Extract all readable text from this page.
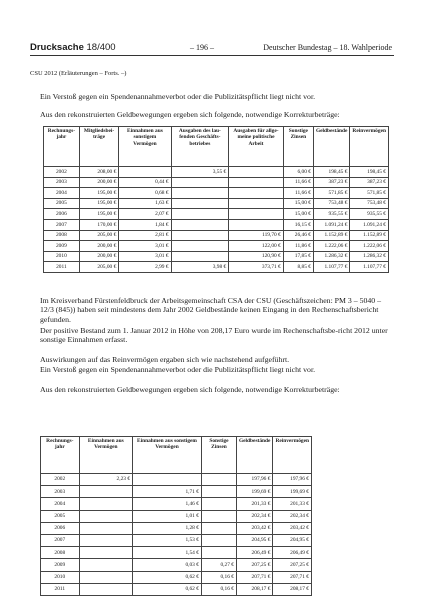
Drucksache 18/400	– 196 –	Deutscher Bundestag – 18. Wahlperiode
CSU 2012 (Erläuterungen – Forts. –)
Ein Verstoß gegen ein Spendenannahmeverbot oder die Publizitätspflicht liegt nicht vor.
Aus den rekonstruierten Geldbewegungen ergeben sich folgende, notwendige Korrekturbeträge:
Rechnungs-jahr	Mitgliedsbei-träge	Einnahmen aus sonstigem Vermögen	Ausgaben des lau-fenden Geschäfts-betriebes	Ausgaben für allge-meine politische Arbeit	Sonstige Zinsen	Geldbestände	Reinvermögen
2002	208,00 €		3,55 €		6,00 €	198,45 €	198,45 €
2003	200,00 €	0,44 €			11,66 €	387,23 €	387,23 €
2004	195,00 €	0,68 €			11,66 €	571,85 €	571,85 €
2005	195,00 €	1,63 €			15,00 €	753,48 €	753,48 €
2006	195,00 €	2,07 €			15,00 €	935,55 €	935,55 €
2007	170,00 €	1,84 €			16,15 €	1.091,24 €	1.091,24 €
2008	205,00 €	2,81 €		119,70 €	26,46 €	1.152,89 €	1.152,89 €
2009	200,00 €	3,01 €		122,00 €	11,86 €	1.222,06 €	1.222,06 €
2010	200,00 €	3,01 €		120,90 €	17,85 €	1.286,32 €	1.286,32 €
2011	205,00 €	2,99 €	3,98 €	373,71 €	8,85 €	1.107,77 €	1.107,77 €
Im Kreisverband Fürstenfeldbruck der Arbeitsgemeinschaft CSA der CSU (Geschäftszeichen: PM 3 – 5040 – 12/3 (845)) haben seit mindestens dem Jahr 2002 Geldbestände keinen Eingang in den Rechenschaftsbericht gefunden.
Der positive Bestand zum 1. Januar 2012 in Höhe von 208,17 Euro wurde im Rechenschaftsbe-richt 2012 unter sonstige Einnahmen erfasst.
Auswirkungen auf das Reinvermögen ergaben sich wie nachstehend aufgeführt.
Ein Verstoß gegen ein Spendenannahmeverbot oder die Publizitätspflicht liegt nicht vor.
Aus den rekonstruierten Geldbewegungen ergeben sich folgende, notwendige Korrekturbeträge:
Rechnungs-jahr	Einnahmen aus Vermögen	Einnahmen aus sonstigem Vermögen	Sonstige Zinsen	Geldbestände	Reinvermögen
2002	2,23 €			197,96 €	197,96 €
2003		1,71 €		199,69 €	199,69 €
2004		1,46 €		201,33 €	201,33 €
2005		1,01 €		202,34 €	202,34 €
2006		1,28 €		203,42 €	203,42 €
2007		1,53 €		204,95 €	204,95 €
2008		1,54 €		206,49 €	206,49 €
2009		0,03 €	0,27 €	207,25 €	207,25 €
2010		0,62 €	0,16 €	207,71 €	207,71 €
2011		0,62 €	0,16 €	208,17 €	208,17 €
